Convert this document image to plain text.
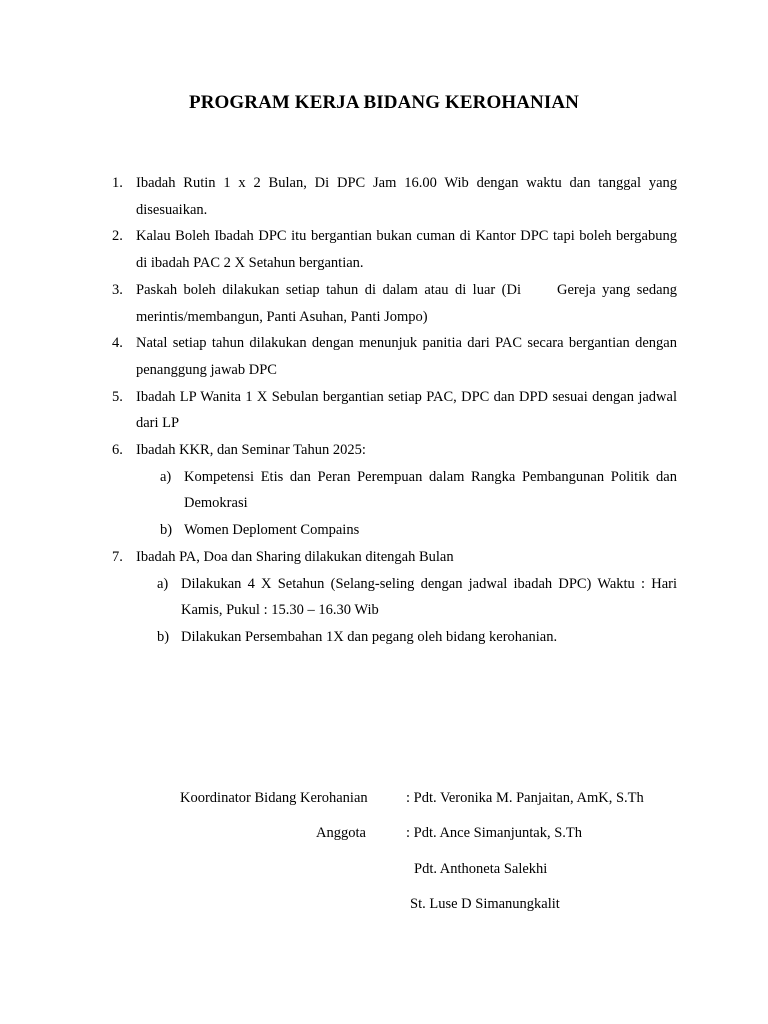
PROGRAM KERJA BIDANG KEROHANIAN
1. Ibadah Rutin 1 x 2 Bulan, Di DPC Jam 16.00 Wib dengan waktu dan tanggal yang disesuaikan.
2. Kalau Boleh Ibadah DPC itu bergantian bukan cuman di Kantor DPC tapi boleh bergabung di ibadah PAC 2 X Setahun bergantian.
3. Paskah boleh dilakukan setiap tahun di dalam atau di luar (Di Gereja yang sedang merintis/membangun, Panti Asuhan, Panti Jompo)
4. Natal setiap tahun dilakukan dengan menunjuk panitia dari PAC secara bergantian dengan penanggung jawab DPC
5. Ibadah LP Wanita 1 X Sebulan bergantian setiap PAC, DPC dan DPD sesuai dengan jadwal dari LP
6. Ibadah KKR, dan Seminar Tahun 2025:
a) Kompetensi Etis dan Peran Perempuan dalam Rangka Pembangunan Politik dan Demokrasi
b) Women Deploment Compains
7. Ibadah PA, Doa dan Sharing dilakukan ditengah Bulan
a) Dilakukan 4 X Setahun (Selang-seling dengan jadwal ibadah DPC) Waktu : Hari Kamis, Pukul : 15.30 – 16.30 Wib
b) Dilakukan Persembahan 1X dan pegang oleh bidang kerohanian.
Koordinator Bidang Kerohanian	: Pdt. Veronika M. Panjaitan, AmK, S.Th
Anggota	: Pdt. Ance Simanjuntak, S.Th
Pdt. Anthoneta Salekhi
St. Luse D Simanungkalit
